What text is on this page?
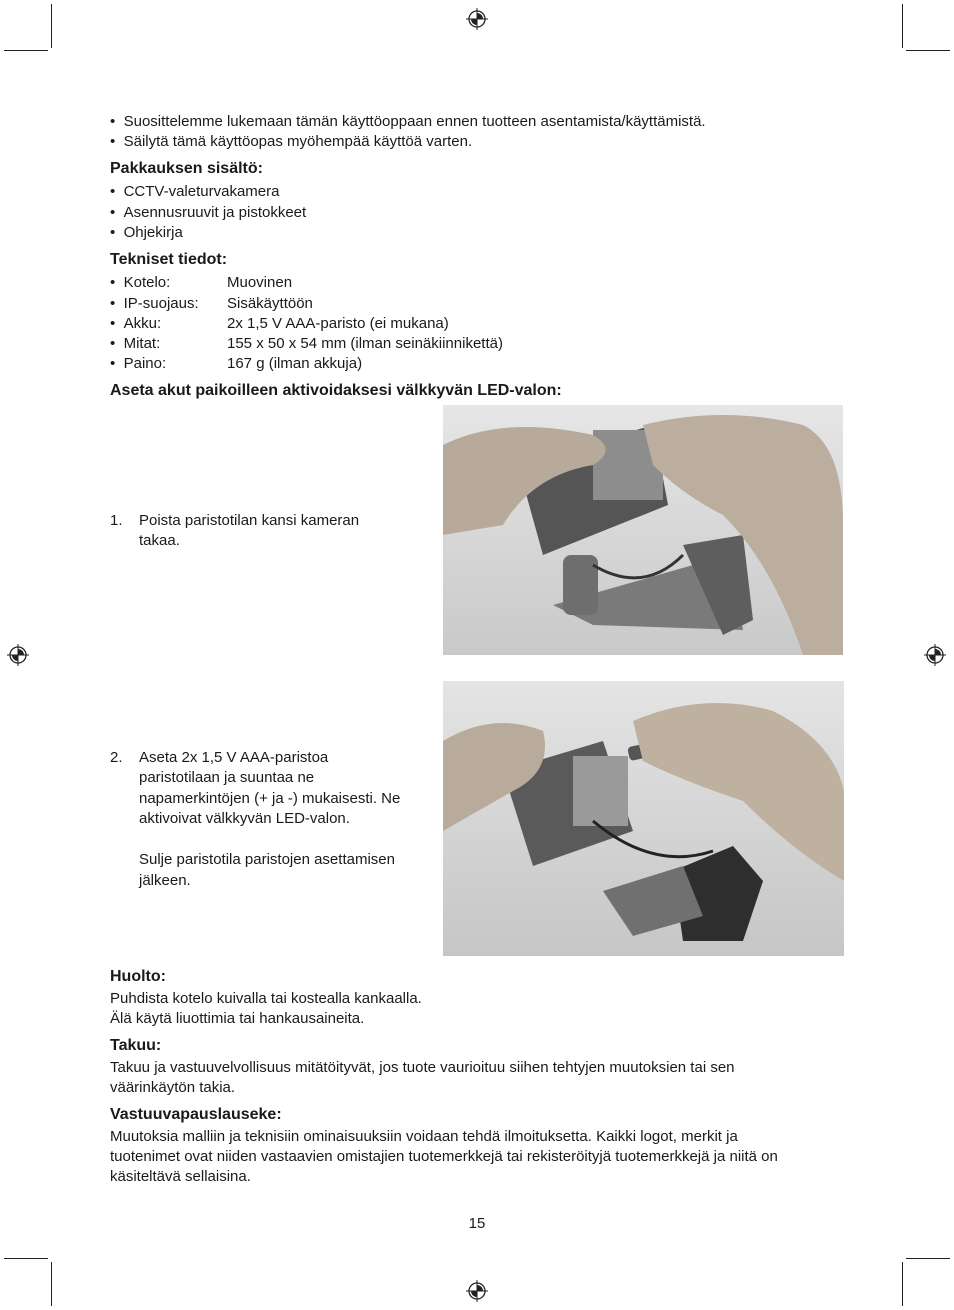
•  Suosittelemme lukemaan tämän käyttöoppaan ennen tuotteen asentamista/käyttämistä.
•  Säilytä tämä käyttöopas myöhempää käyttöä varten.
Pakkauksen sisältö:
•  CCTV-valeturvakamera
•  Asennusruuvit ja pistokkeet
•  Ohjekirja
Tekniset tiedot:
•  Kotelo:	Muovinen
•  IP-suojaus: Sisäkäyttöön
•  Akku:	2x 1,5 V AAA-paristo (ei mukana)
•  Mitat:	155 x 50 x 54 mm (ilman seinäkiinnikettä)
•  Paino:	167 g (ilman akkuja)
Aseta akut paikoilleen aktivoidaksesi välkkyvän LED-valon:
1. Poista paristotilan kansi kameran
takaa.
2. Aseta 2x 1,5 V AAA-paristoa
paristotilaan ja suuntaa ne
napamerkintöjen (+ ja -) mukaisesti. Ne
aktivoivat välkkyvän LED-valon.
Sulje paristotila paristojen asettamisen
jälkeen.
Huolto:
Puhdista kotelo kuivalla tai kostealla kankaalla.
Älä käytä liuottimia tai hankausaineita.
Takuu:
Takuu ja vastuuvelvollisuus mitätöityvät, jos tuote vaurioituu siihen tehtyjen muutoksien tai sen
väärinkäytön takia.
Vastuuvapauslauseke:
Muutoksia malliin ja teknisiin ominaisuuksiin voidaan tehdä ilmoituksetta. Kaikki logot, merkit ja
tuotenimet ovat niiden vastaavien omistajien tuotemerkkejä tai rekisteröityjä tuotemerkkejä ja niitä on
käsiteltävä sellaisina.
15
